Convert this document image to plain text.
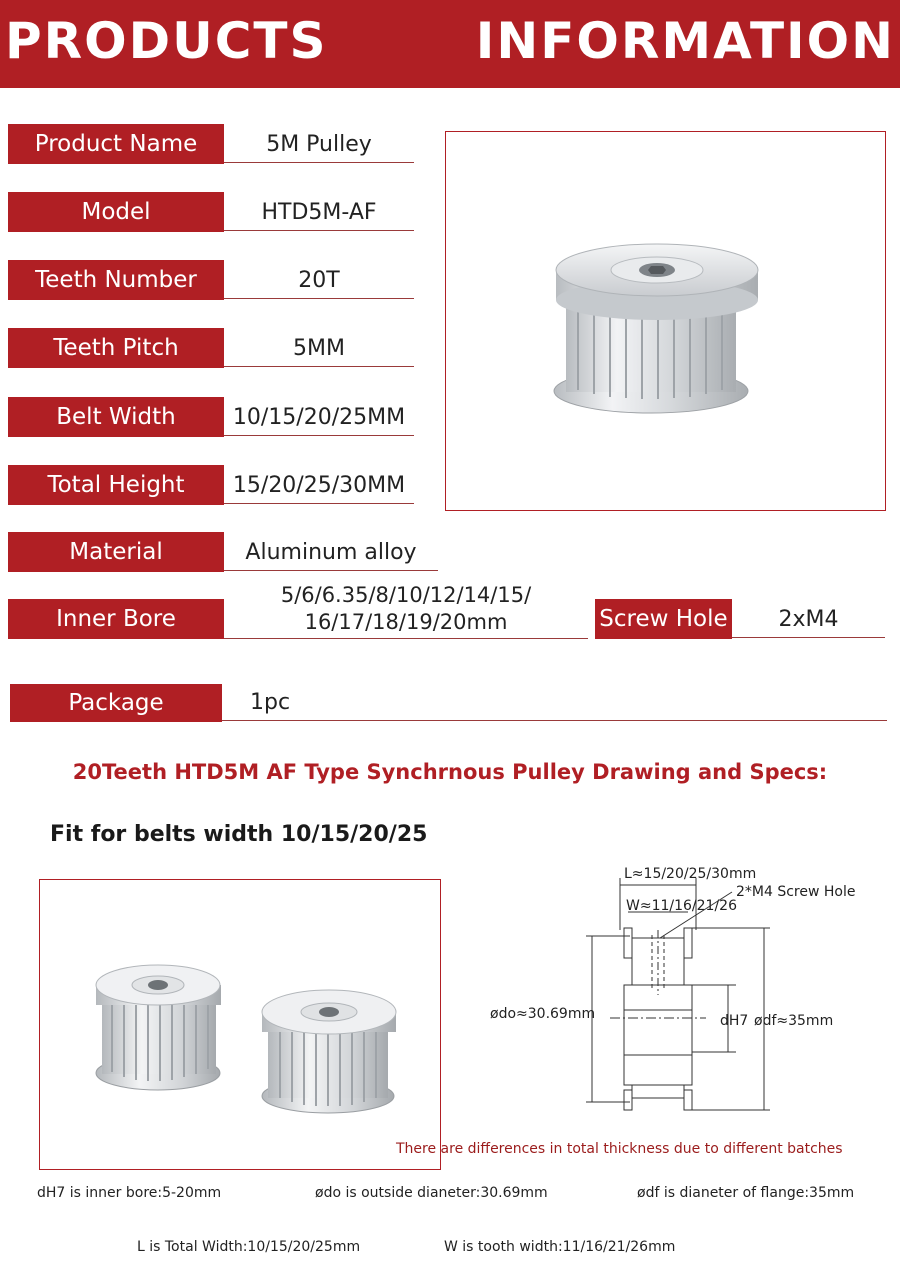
PRODUCTS   INFORMATION
Product Name	5M Pulley
Model	HTD5M-AF
Teeth Number	20T
Teeth Pitch	5MM
Belt Width	10/15/20/25MM
Total Height	15/20/25/30MM
Material	Aluminum alloy
Inner Bore
5/6/6.35/8/10/12/14/15/
16/17/18/19/20mm	Screw Hole	2xM4
Package	1pc
20Teeth HTD5M AF Type Synchrnous Pulley Drawing and Specs:
Fit for belts width 10/15/20/25
L≈15/20/25/30mm
W≈11/16/21/26
2*M4 Screw Hole
ødo≈30.69mm	dH7 ødf≈35mm
There are differences in total thickness due to different batches
dH7 is inner bore:5-20mm	ødo is outside dianeter:30.69mm	ødf is dianeter of flange:35mm
L is Total Width:10/15/20/25mm	W is tooth width:11/16/21/26mm
